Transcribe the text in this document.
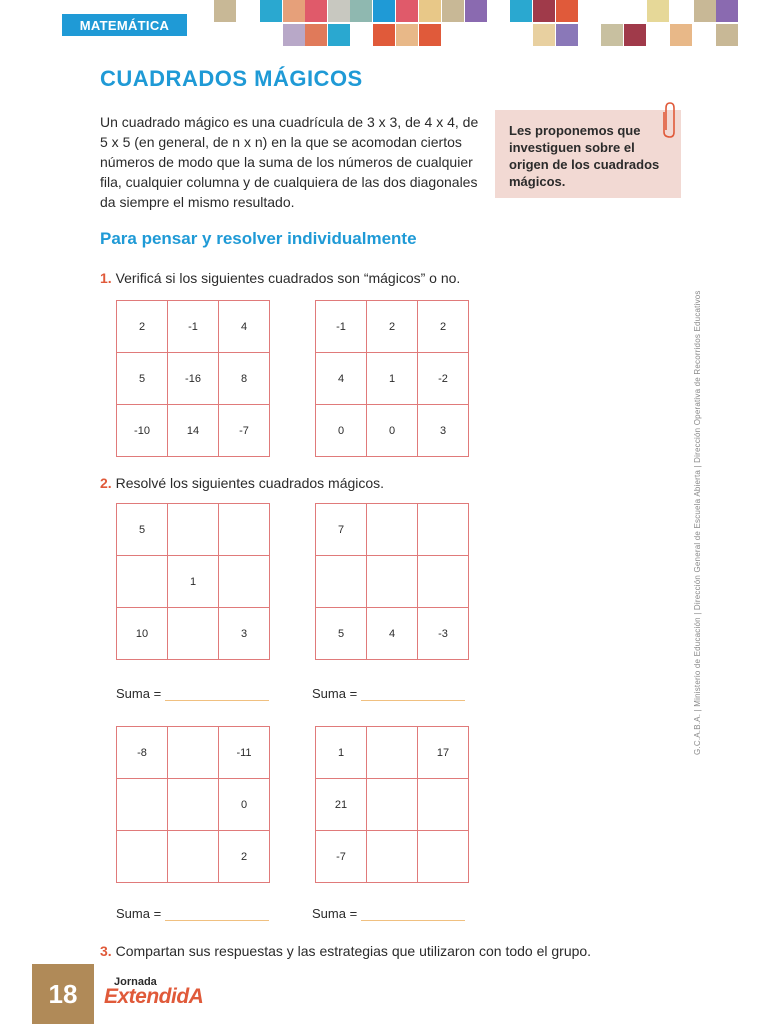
MATEMÁTICA
CUADRADOS MÁGICOS
Un cuadrado mágico es una cuadrícula de 3 x 3, de 4 x 4, de 5 x 5 (en general, de n x n) en la que se acomodan ciertos números de modo que la suma de los números de cualquier fila, cualquier columna y de cualquiera de las dos diagonales da siempre el mismo resultado.
Les proponemos que investiguen sobre el origen de los cuadrados mágicos.
Para pensar y resolver individualmente
1. Verificá si los siguientes cuadrados son “mágicos” o no.
2	-1	4
5	-16	8
-10	14	-7
-1	2	2
4	1	-2
0	0	3
2. Resolvé los siguientes cuadrados mágicos.
5		
	1	
10		3
7		

5	4	-3
Suma =	Suma =
-8		-11
		0
		2
1		17
21		
-7		
Suma =	Suma =
3. Compartan sus respuestas y las estrategias que utilizaron con todo el grupo.
G.C.A.B.A. | Ministerio de Educación | Dirección General de Escuela Abierta | Dirección Operativa de Recorridos Educativos
18	Jornada
ExtendidA
